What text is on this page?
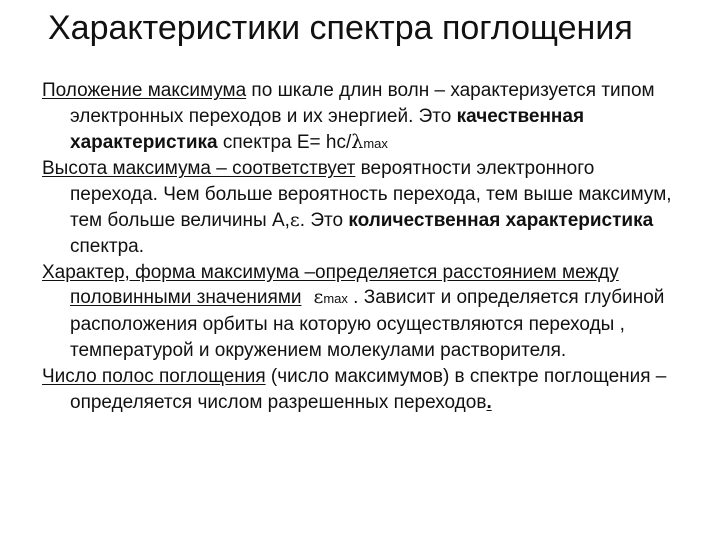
Характеристики спектра поглощения

Положение максимума по шкале длин волн – характеризуется типом электронных переходов и их энергией. Это качественная характеристика спектра E= hc/λmax

Высота максимума – соответствует вероятности электронного перехода. Чем больше вероятность перехода, тем выше максимум, тем больше величины A,ε. Это количественная характеристика спектра.

Характер, форма максимума –определяется расстоянием между половинными значениями εmax . Зависит и определяется глубиной расположения орбиты на которую осуществляются переходы , температурой и окружением молекулами растворителя.

Число полос поглощения (число максимумов) в спектре поглощения –определяется числом разрешенных переходов.
